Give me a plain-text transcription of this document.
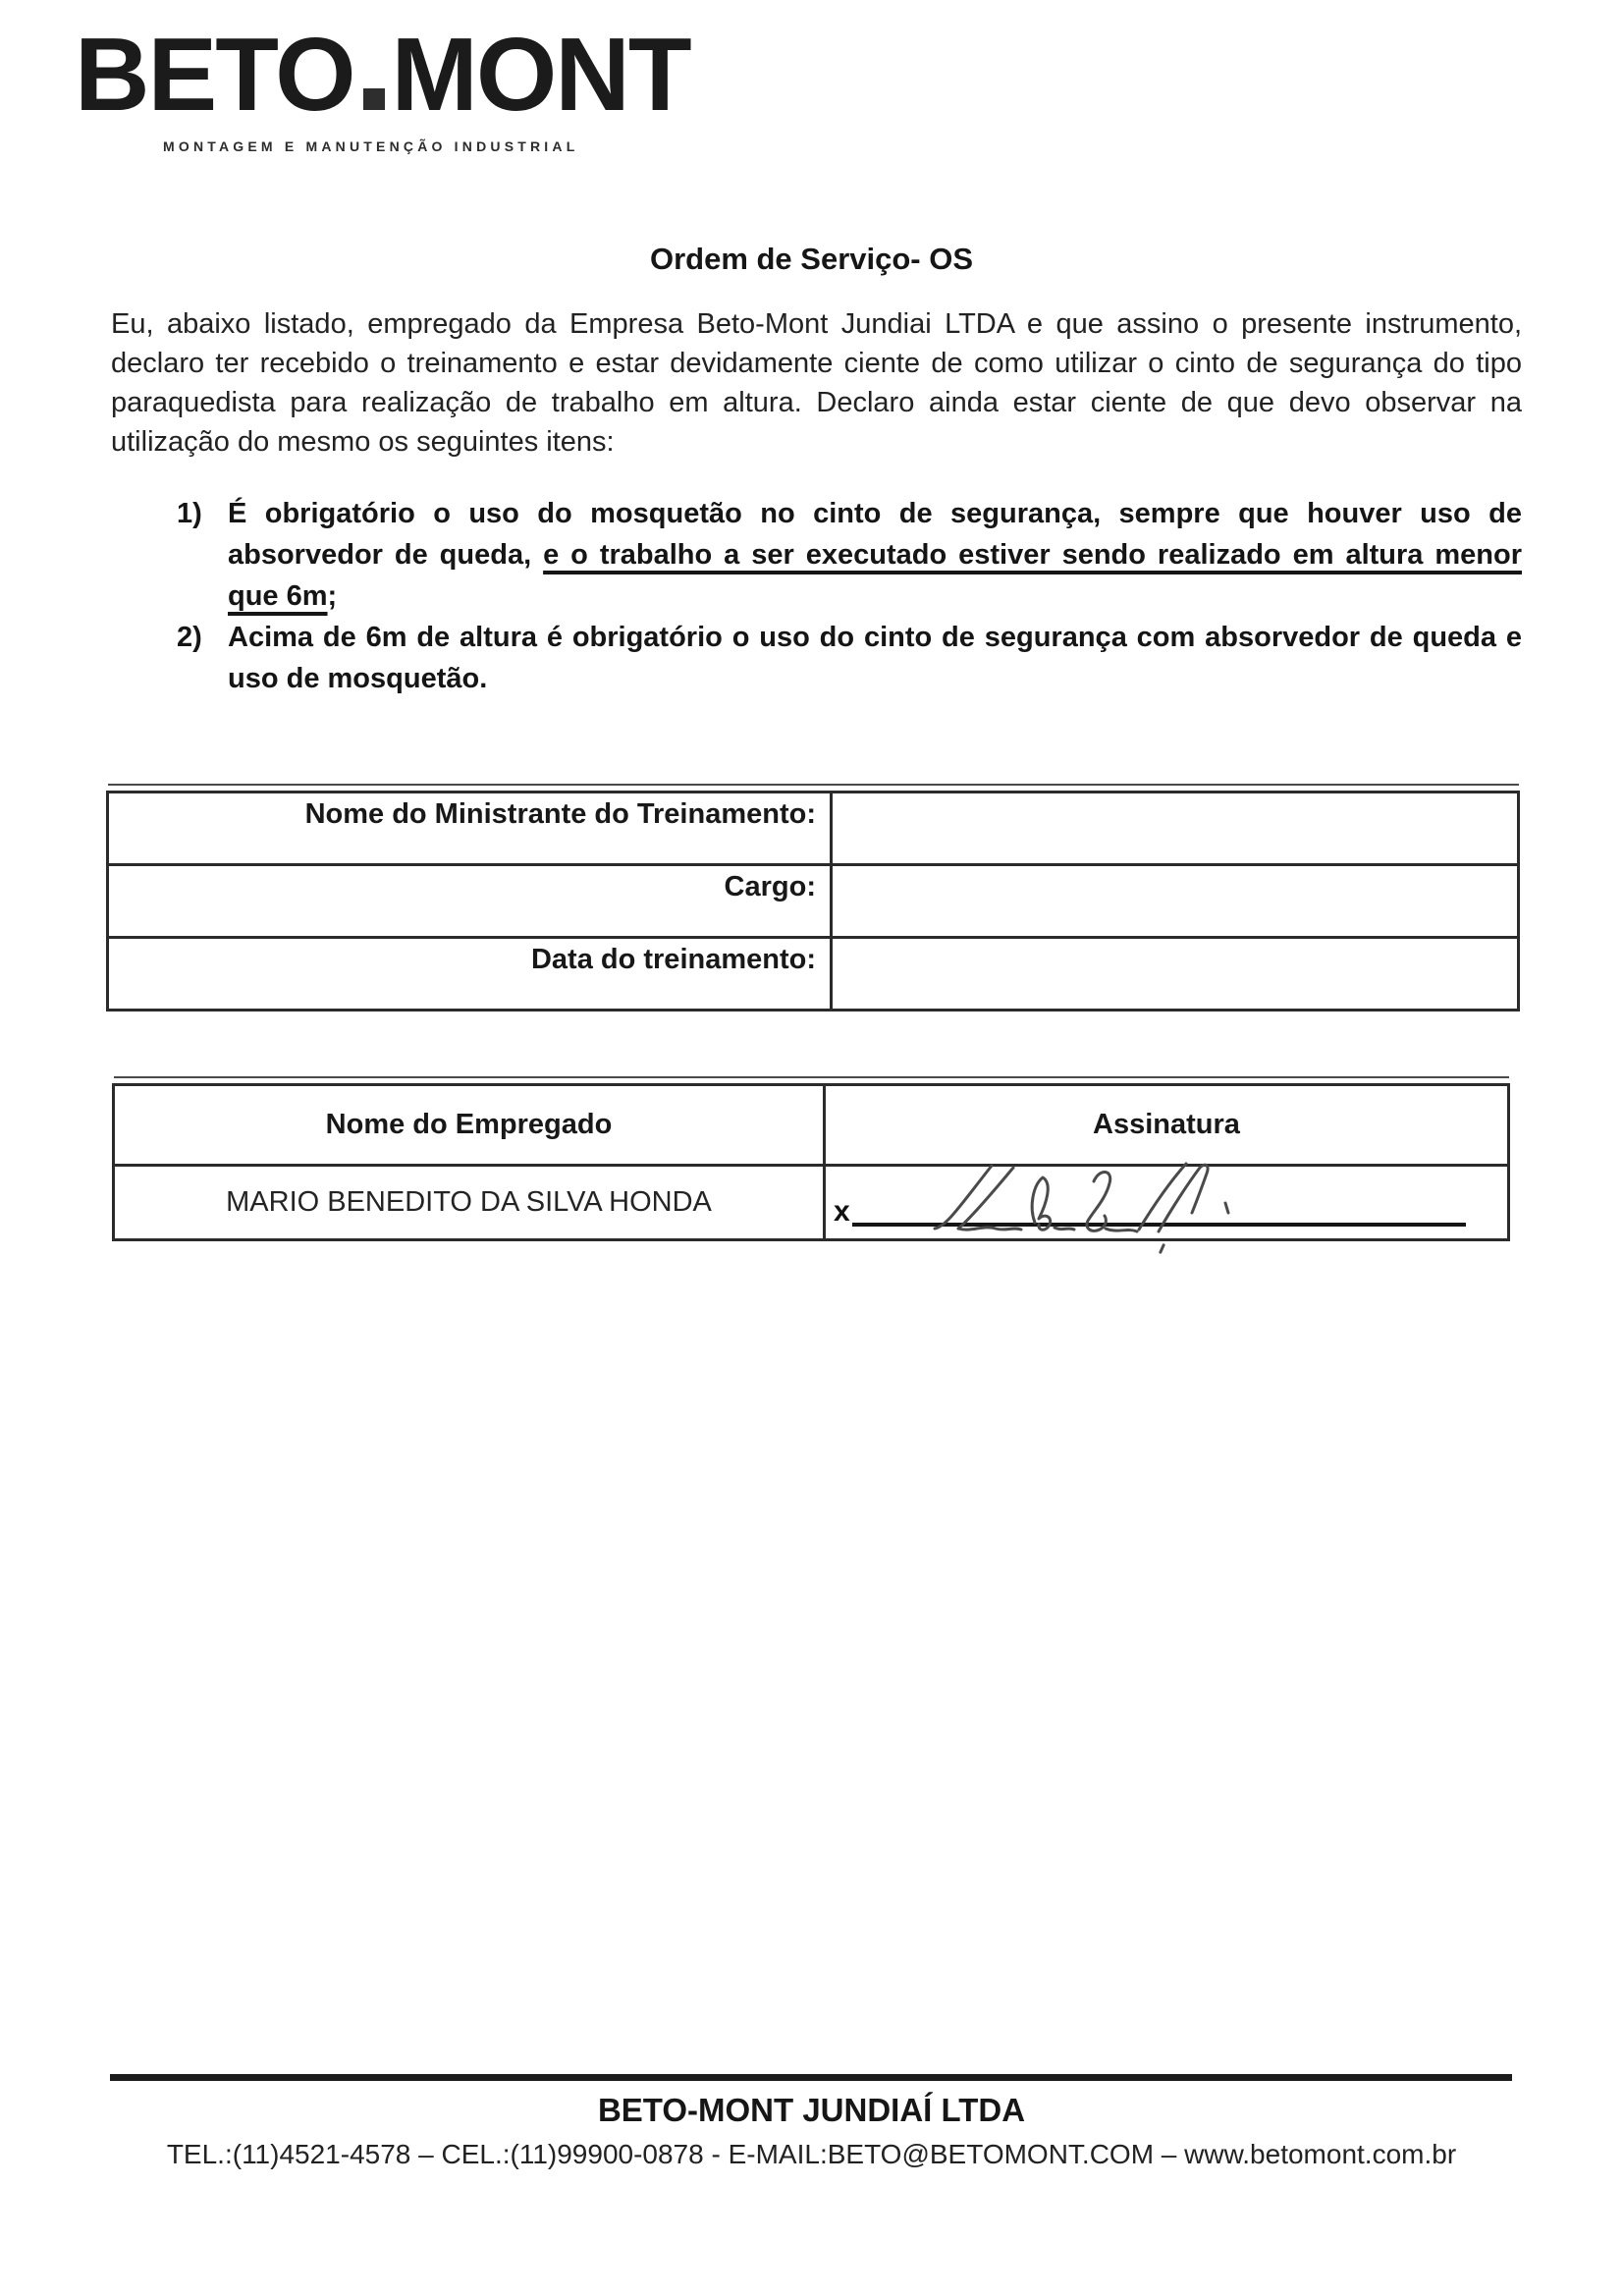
BETO MONT
MONTAGEM E MANUTENÇÃO INDUSTRIAL
Ordem de Serviço- OS

Eu, abaixo listado, empregado da Empresa Beto-Mont Jundiai LTDA e que assino o presente instrumento, declaro ter recebido o treinamento e estar devidamente ciente de como utilizar o cinto de segurança do tipo paraquedista para realização de trabalho em altura. Declaro ainda estar ciente de que devo observar na utilização do mesmo os seguintes itens:

1) É obrigatório o uso do mosquetão no cinto de segurança, sempre que houver uso de absorvedor de queda, e o trabalho a ser executado estiver sendo realizado em altura menor que 6m;
2) Acima de 6m de altura é obrigatório o uso do cinto de segurança com absorvedor de queda e uso de mosquetão.
Nome do Ministrante do Treinamento:	
Cargo:	
Data do treinamento:	
Nome do Empregado	Assinatura
MARIO BENEDITO DA SILVA HONDA	x
BETO-MONT JUNDIAÍ LTDA
TEL.:(11)4521-4578 – CEL.:(11)99900-0878 - E-MAIL:BETO@BETOMONT.COM – www.betomont.com.br
